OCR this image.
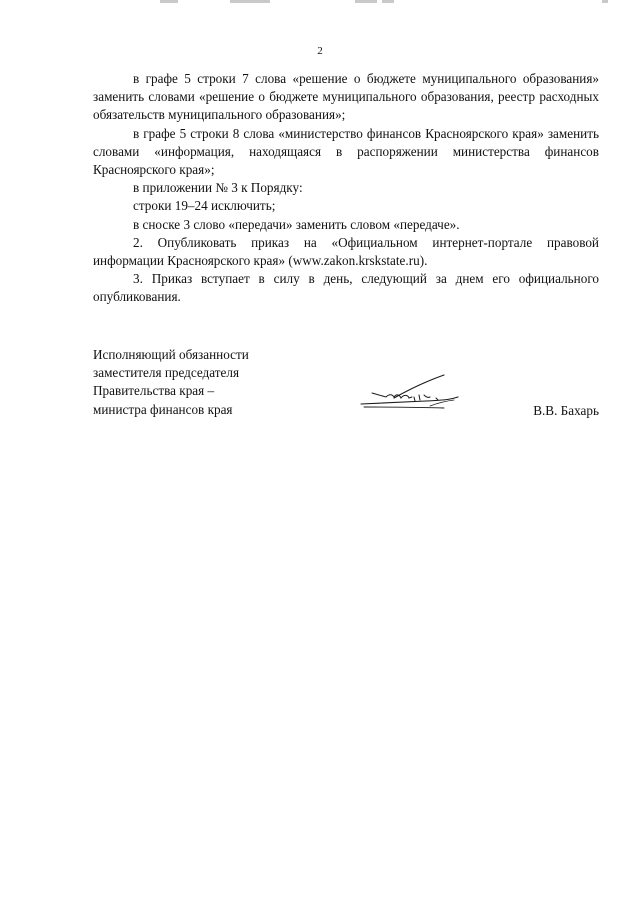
2

в графе 5 строки 7 слова «решение о бюджете муниципального образования» заменить словами «решение о бюджете муниципального образования, реестр расходных обязательств муниципального образования»;

в графе 5 строки 8 слова «министерство финансов Красноярского края» заменить словами «информация, находящаяся в распоряжении министерства финансов Красноярского края»;

в приложении № 3 к Порядку:

строки 19–24 исключить;

в сноске 3 слово «передачи» заменить словом «передаче».

2. Опубликовать приказ на «Официальном интернет-портале правовой информации Красноярского края» (www.zakon.krskstate.ru).

3. Приказ вступает в силу в день, следующий за днем его официального опубликования.

Исполняющий обязанности
заместителя председателя
Правительства края –
министра финансов края	В.В. Бахарь
